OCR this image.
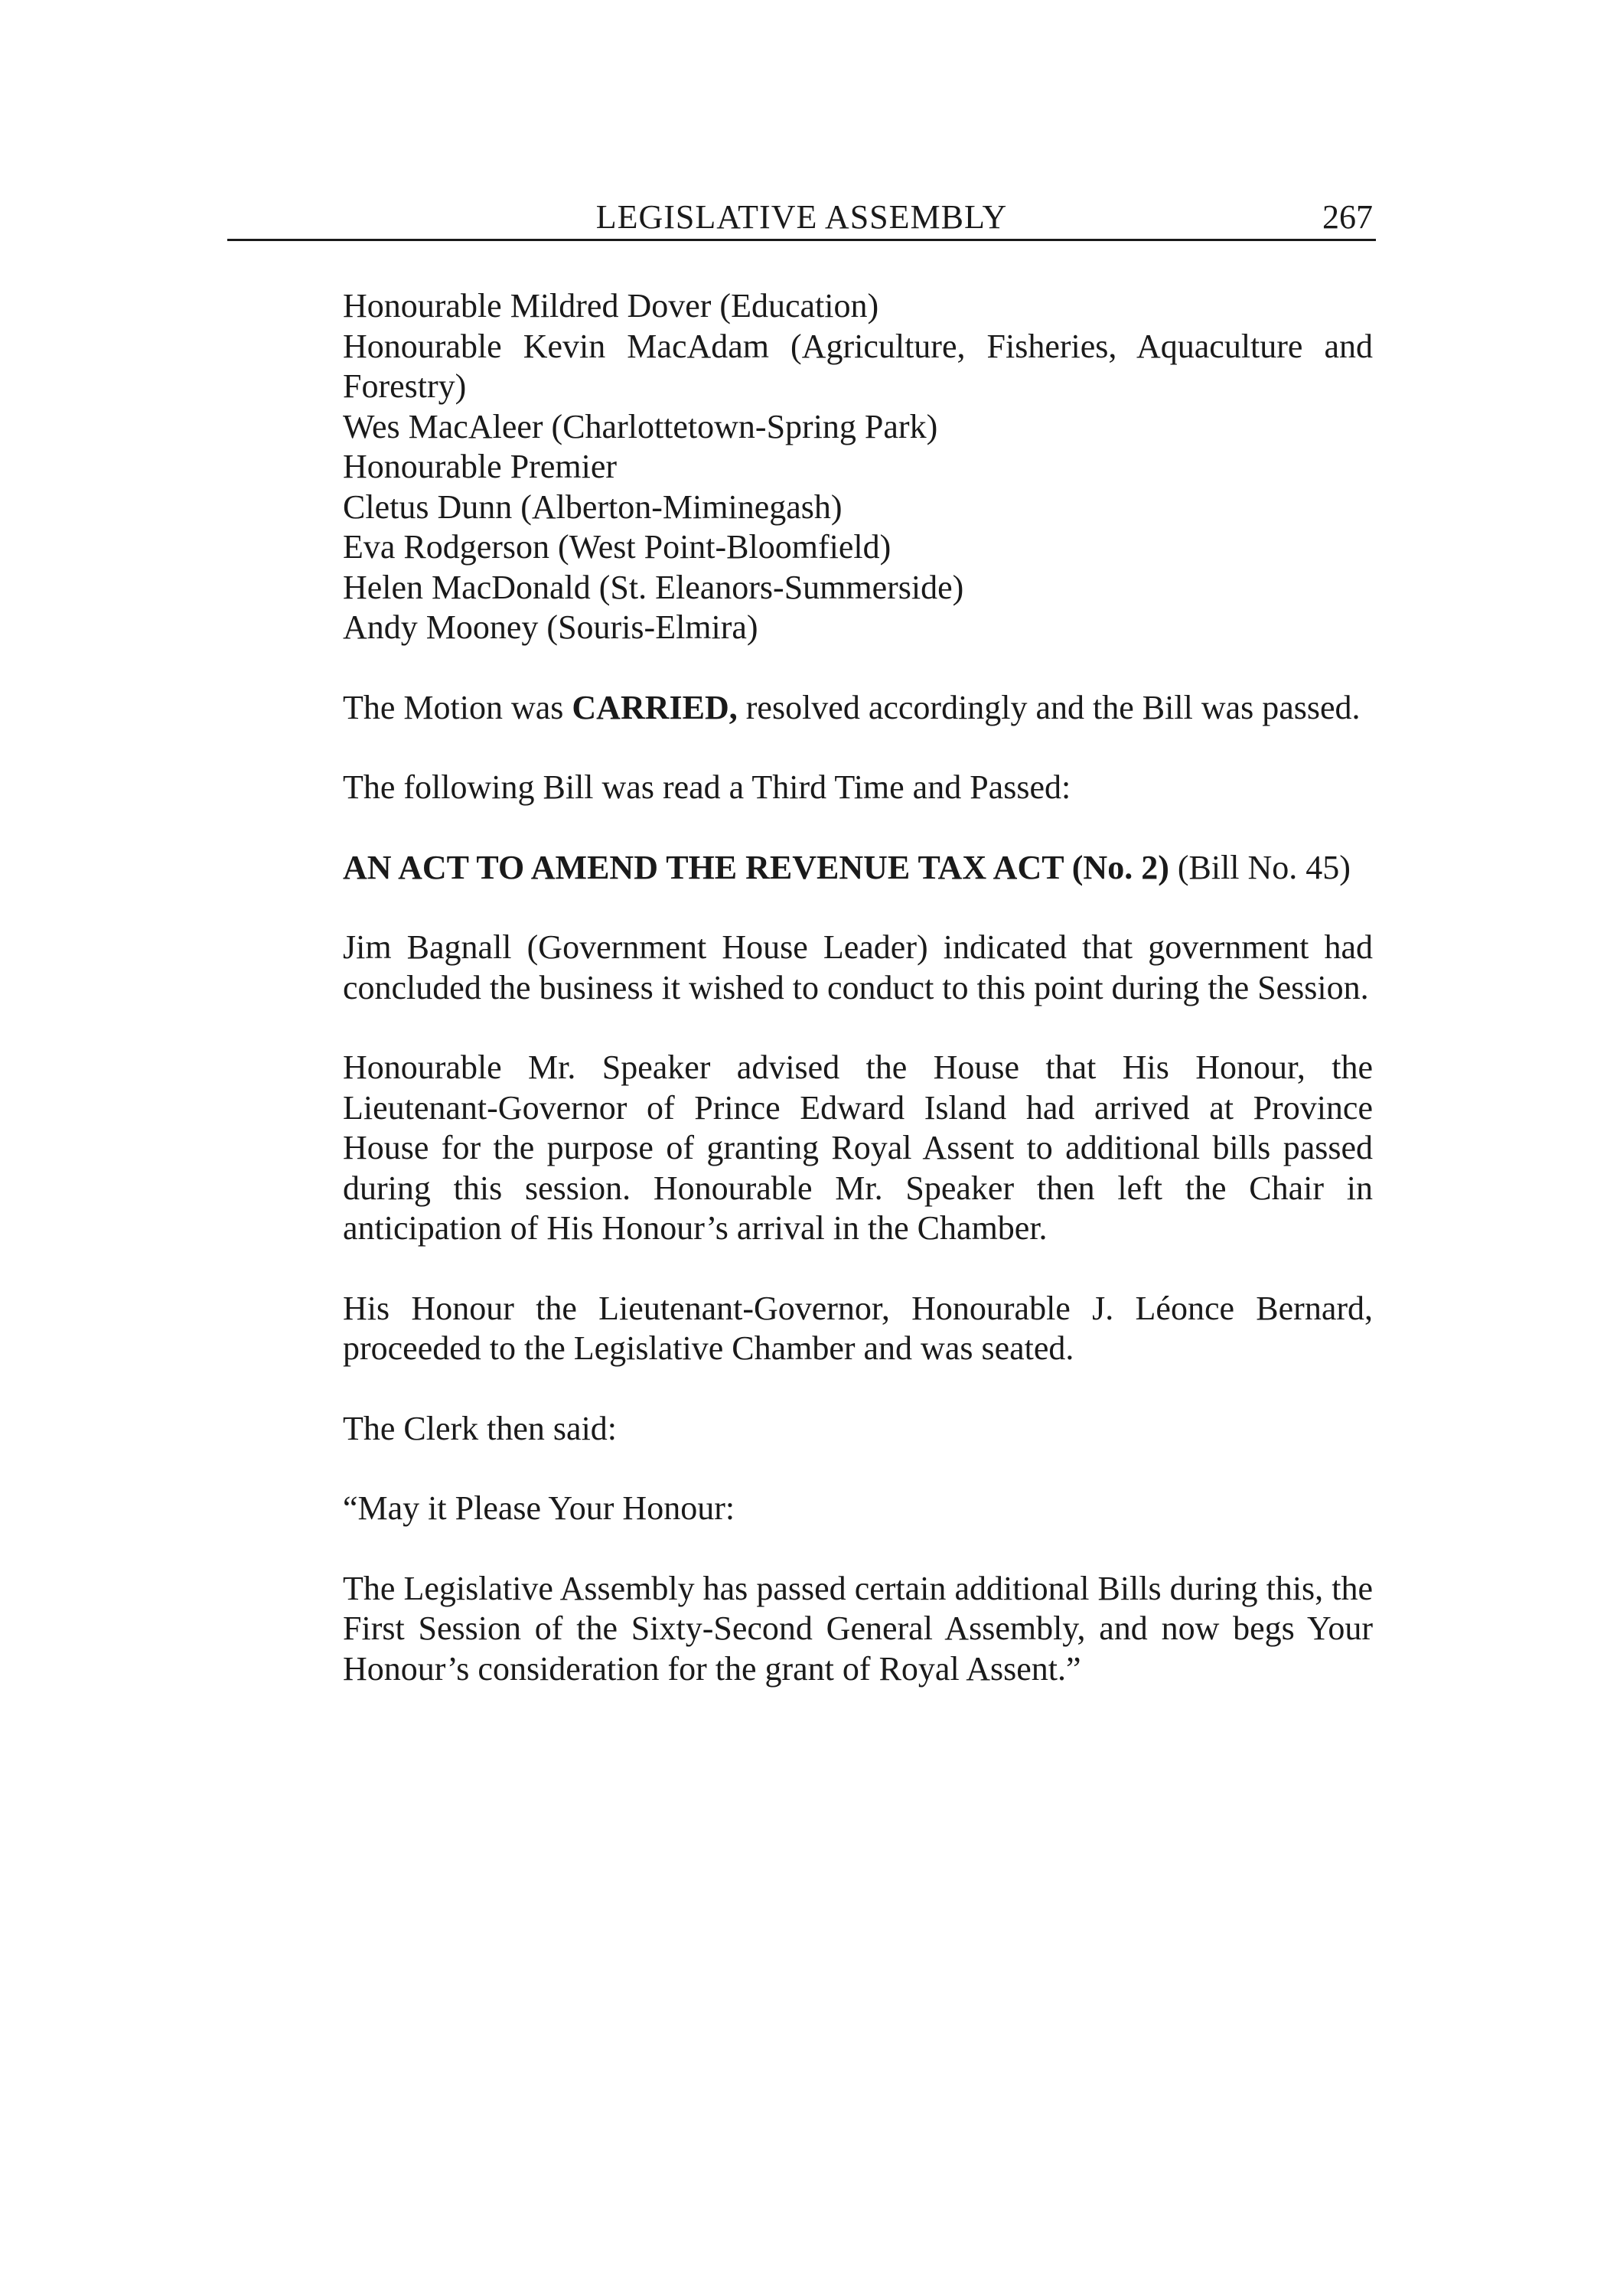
LEGISLATIVE ASSEMBLY	267
Honourable Mildred Dover (Education)
Honourable Kevin MacAdam (Agriculture, Fisheries, Aquaculture and Forestry)
Wes MacAleer (Charlottetown-Spring Park)
Honourable Premier
Cletus Dunn (Alberton-Miminegash)
Eva Rodgerson (West Point-Bloomfield)
Helen MacDonald (St. Eleanors-Summerside)
Andy Mooney (Souris-Elmira)

The Motion was CARRIED, resolved accordingly and the Bill was passed.

The following Bill was read a Third Time and Passed:

AN ACT TO AMEND THE REVENUE TAX ACT (No. 2) (Bill No. 45)

Jim Bagnall (Government House Leader) indicated that government had concluded the business it wished to conduct to this point during the Session.

Honourable Mr. Speaker advised the House that His Honour, the Lieutenant-Governor of Prince Edward Island had arrived at Province House for the purpose of granting Royal Assent to additional bills passed during this session. Honourable Mr. Speaker then left the Chair in anticipation of His Honour’s arrival in the Chamber.

His Honour the Lieutenant-Governor, Honourable J. Léonce Bernard, proceeded to the Legislative Chamber and was seated.

The Clerk then said:

“May it Please Your Honour:

The Legislative Assembly has passed certain additional Bills during this, the First Session of the Sixty-Second General Assembly, and now begs Your Honour’s consideration for the grant of Royal Assent.”
